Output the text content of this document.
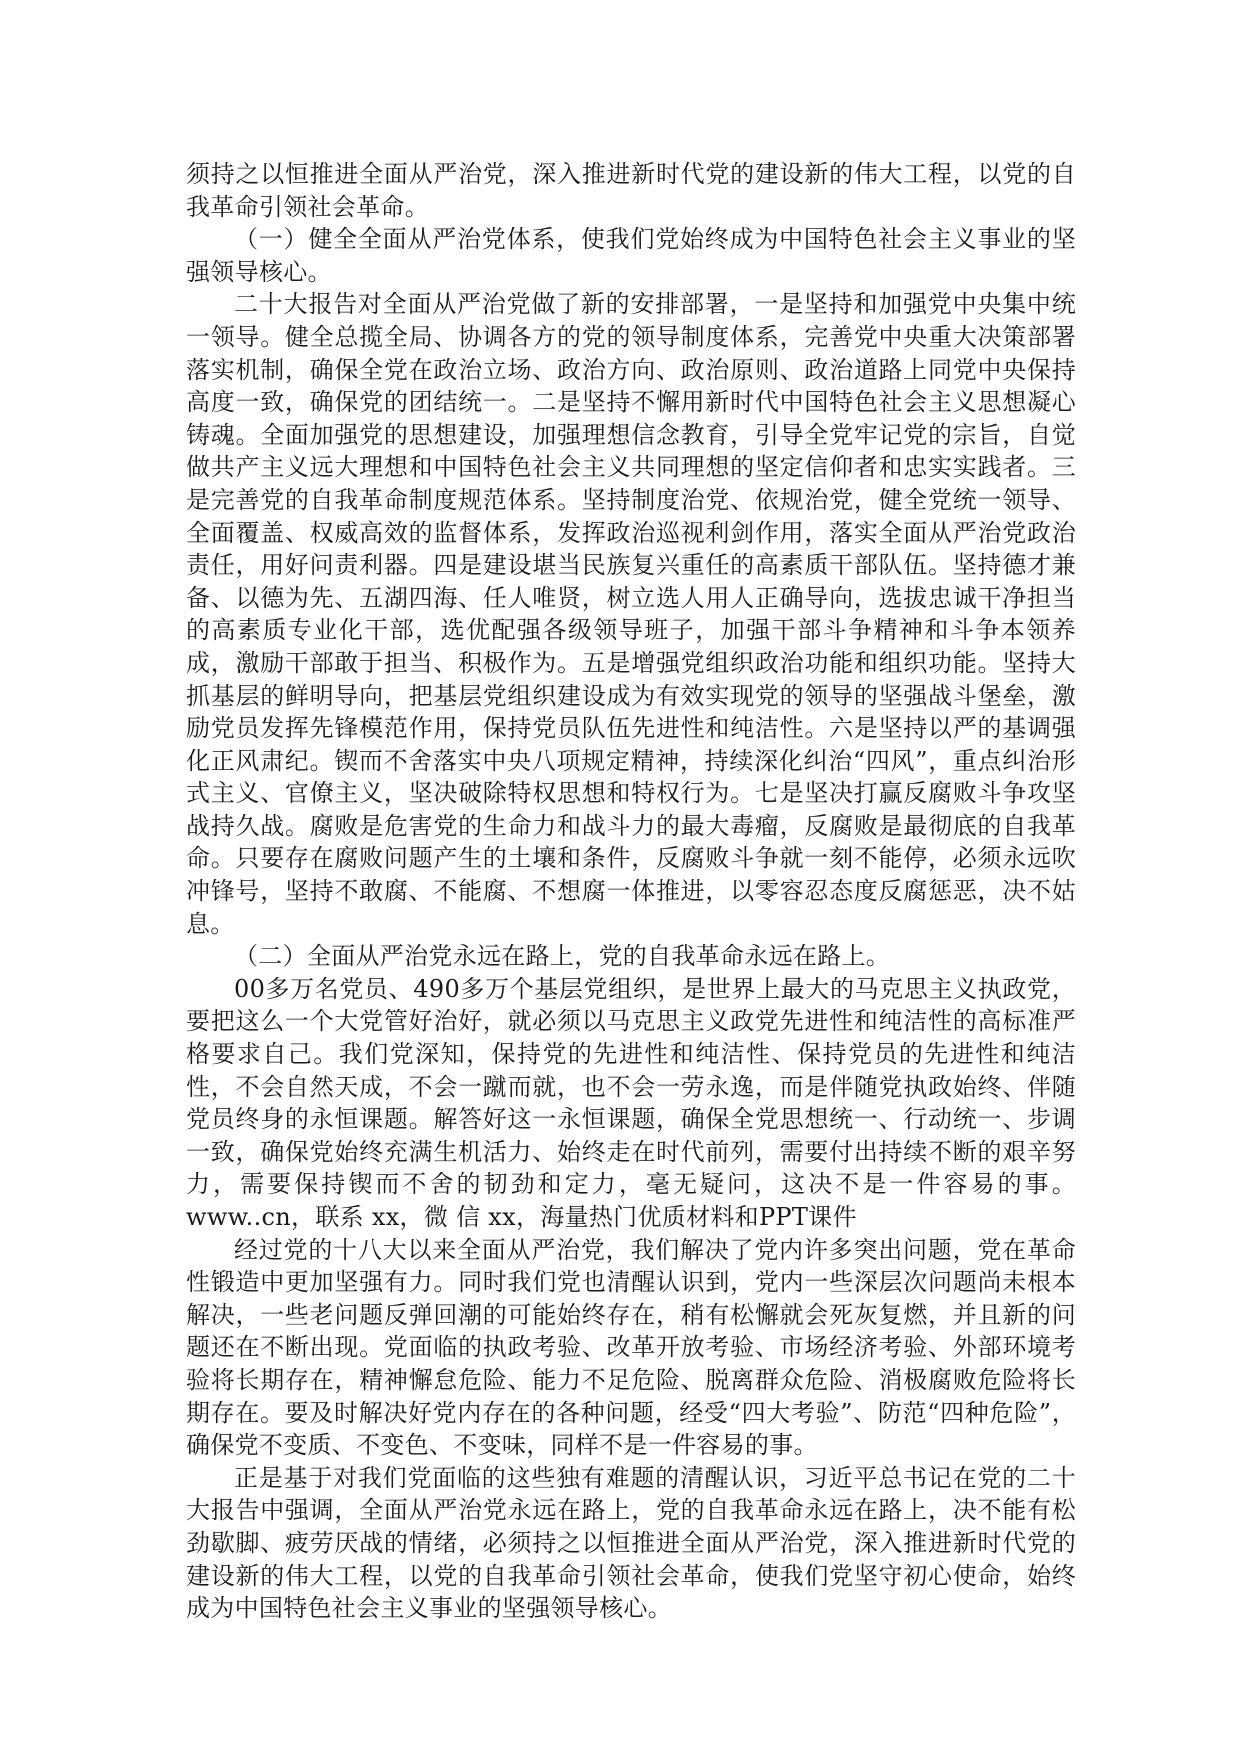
须持之以恒推进全面从严治党，深入推进新时代党的建设新的伟大工程，以党的自我革命引领社会革命。

（一）健全全面从严治党体系，使我们党始终成为中国特色社会主义事业的坚强领导核心。

二十大报告对全面从严治党做了新的安排部署，一是坚持和加强党中央集中统一领导。健全总揽全局、协调各方的党的领导制度体系，完善党中央重大决策部署落实机制，确保全党在政治立场、政治方向、政治原则、政治道路上同党中央保持高度一致，确保党的团结统一。二是坚持不懈用新时代中国特色社会主义思想凝心铸魂。全面加强党的思想建设，加强理想信念教育，引导全党牢记党的宗旨，自觉做共产主义远大理想和中国特色社会主义共同理想的坚定信仰者和忠实实践者。三是完善党的自我革命制度规范体系。坚持制度治党、依规治党，健全党统一领导、全面覆盖、权威高效的监督体系，发挥政治巡视利剑作用，落实全面从严治党政治责任，用好问责利器。四是建设堪当民族复兴重任的高素质干部队伍。坚持德才兼备、以德为先、五湖四海、任人唯贤，树立选人用人正确导向，选拔忠诚干净担当的高素质专业化干部，选优配强各级领导班子，加强干部斗争精神和斗争本领养成，激励干部敢于担当、积极作为。五是增强党组织政治功能和组织功能。坚持大抓基层的鲜明导向，把基层党组织建设成为有效实现党的领导的坚强战斗堡垒，激励党员发挥先锋模范作用，保持党员队伍先进性和纯洁性。六是坚持以严的基调强化正风肃纪。锲而不舍落实中央八项规定精神，持续深化纠治“四风”，重点纠治形式主义、官僚主义，坚决破除特权思想和特权行为。七是坚决打赢反腐败斗争攻坚战持久战。腐败是危害党的生命力和战斗力的最大毒瘤，反腐败是最彻底的自我革命。只要存在腐败问题产生的土壤和条件，反腐败斗争就一刻不能停，必须永远吹冲锋号，坚持不敢腐、不能腐、不想腐一体推进，以零容忍态度反腐惩恶，决不姑息。

（二）全面从严治党永远在路上，党的自我革命永远在路上。

00多万名党员、490多万个基层党组织，是世界上最大的马克思主义执政党，要把这么一个大党管好治好，就必须以马克思主义政党先进性和纯洁性的高标准严格要求自己。我们党深知，保持党的先进性和纯洁性、保持党员的先进性和纯洁性，不会自然天成，不会一蹴而就，也不会一劳永逸，而是伴随党执政始终、伴随党员终身的永恒课题。解答好这一永恒课题，确保全党思想统一、行动统一、步调一致，确保党始终充满生机活力、始终走在时代前列，需要付出持续不断的艰辛努力，需要保持锲而不舍的韧劲和定力，毫无疑问，这决不是一件容易的事。www..cn，联系 xx，微 信 xx，海量热门优质材料和PPT课件

经过党的十八大以来全面从严治党，我们解决了党内许多突出问题，党在革命性锻造中更加坚强有力。同时我们党也清醒认识到，党内一些深层次问题尚未根本解决，一些老问题反弹回潮的可能始终存在，稍有松懈就会死灰复燃，并且新的问题还在不断出现。党面临的执政考验、改革开放考验、市场经济考验、外部环境考验将长期存在，精神懈怠危险、能力不足危险、脱离群众危险、消极腐败危险将长期存在。要及时解决好党内存在的各种问题，经受“四大考验”、防范“四种危险”，确保党不变质、不变色、不变味，同样不是一件容易的事。

正是基于对我们党面临的这些独有难题的清醒认识，习近平总书记在党的二十大报告中强调，全面从严治党永远在路上，党的自我革命永远在路上，决不能有松劲歇脚、疲劳厌战的情绪，必须持之以恒推进全面从严治党，深入推进新时代党的建设新的伟大工程，以党的自我革命引领社会革命，使我们党坚守初心使命，始终成为中国特色社会主义事业的坚强领导核心。
